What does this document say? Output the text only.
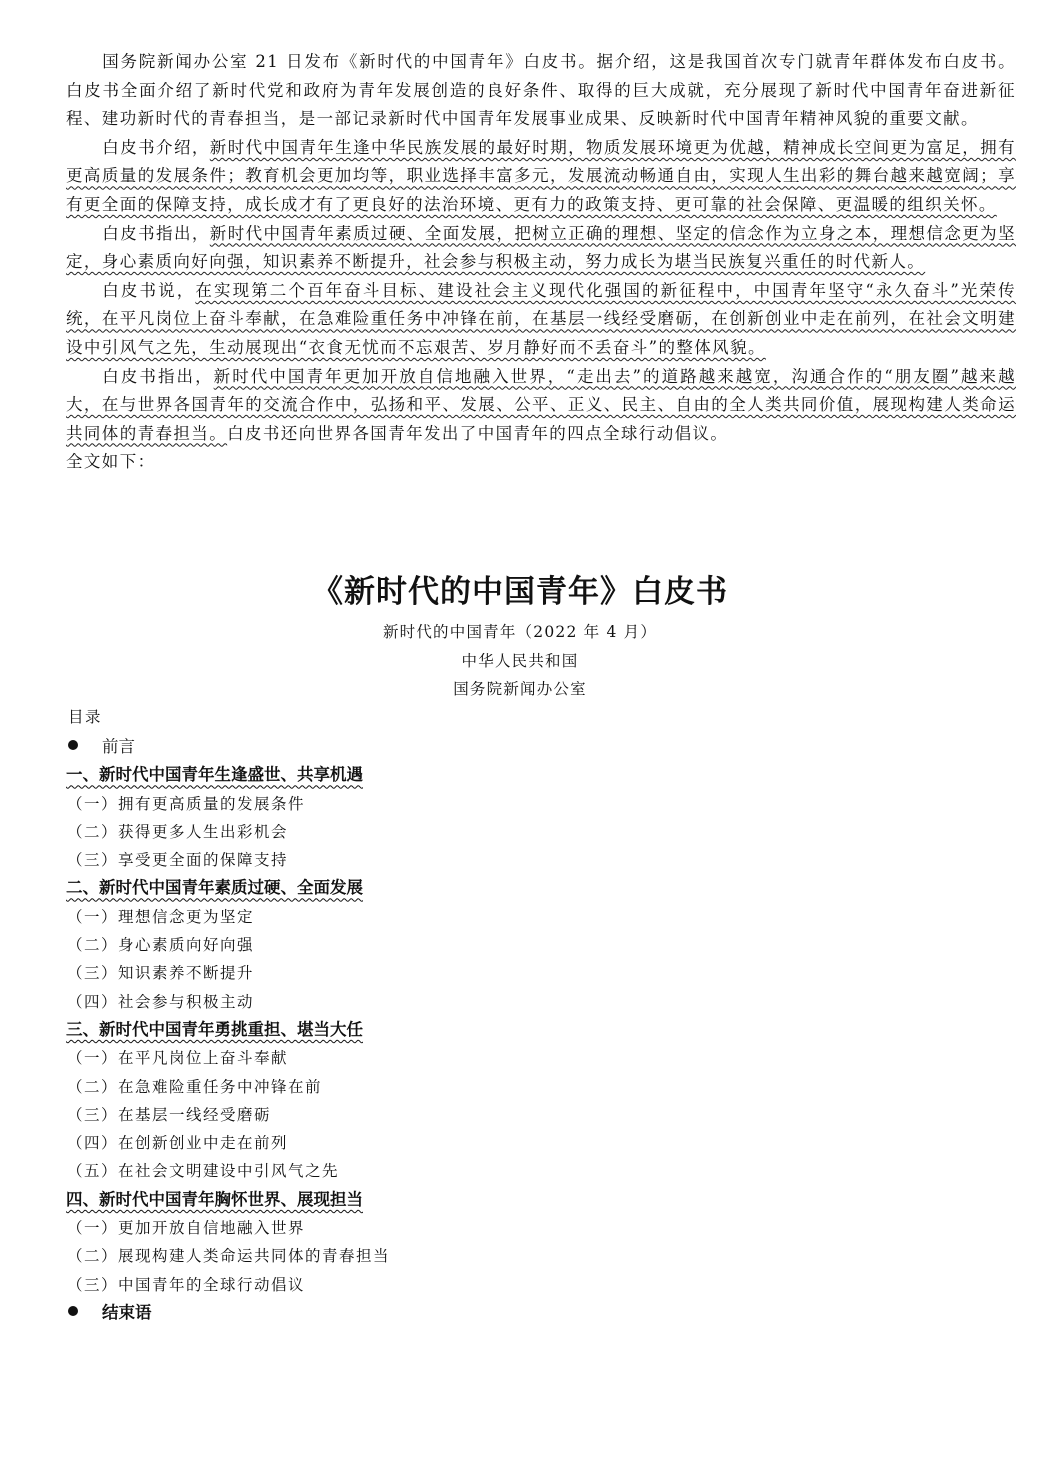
国务院新闻办公室 21 日发布《新时代的中国青年》白皮书。据介绍，这是我国首次专门就青年群体发布白皮书。白皮书全面介绍了新时代党和政府为青年发展创造的良好条件、取得的巨大成就，充分展现了新时代中国青年奋进新征程、建功新时代的青春担当，是一部记录新时代中国青年发展事业成果、反映新时代中国青年精神风貌的重要文献。

白皮书介绍，新时代中国青年生逢中华民族发展的最好时期，物质发展环境更为优越，精神成长空间更为富足，拥有更高质量的发展条件；教育机会更加均等，职业选择丰富多元，发展流动畅通自由，实现人生出彩的舞台越来越宽阔；享有更全面的保障支持，成长成才有了更良好的法治环境、更有力的政策支持、更可靠的社会保障、更温暖的组织关怀。

白皮书指出，新时代中国青年素质过硬、全面发展，把树立正确的理想、坚定的信念作为立身之本，理想信念更为坚定，身心素质向好向强，知识素养不断提升，社会参与积极主动，努力成长为堪当民族复兴重任的时代新人。

白皮书说，在实现第二个百年奋斗目标、建设社会主义现代化强国的新征程中，中国青年坚守“永久奋斗”光荣传统，在平凡岗位上奋斗奉献，在急难险重任务中冲锋在前，在基层一线经受磨砺，在创新创业中走在前列，在社会文明建设中引风气之先，生动展现出“衣食无忧而不忘艰苦、岁月静好而不丢奋斗”的整体风貌。

白皮书指出，新时代中国青年更加开放自信地融入世界，“走出去”的道路越来越宽，沟通合作的“朋友圈”越来越大，在与世界各国青年的交流合作中，弘扬和平、发展、公平、正义、民主、自由的全人类共同价值，展现构建人类命运共同体的青春担当。白皮书还向世界各国青年发出了中国青年的四点全球行动倡议。

全文如下：

《新时代的中国青年》白皮书

新时代的中国青年（2022 年 4 月）

中华人民共和国

国务院新闻办公室

目录

前言
一、新时代中国青年生逢盛世、共享机遇
（一）拥有更高质量的发展条件
（二）获得更多人生出彩机会
（三）享受更全面的保障支持
二、新时代中国青年素质过硬、全面发展
（一）理想信念更为坚定
（二）身心素质向好向强
（三）知识素养不断提升
（四）社会参与积极主动
三、新时代中国青年勇挑重担、堪当大任
（一）在平凡岗位上奋斗奉献
（二）在急难险重任务中冲锋在前
（三）在基层一线经受磨砺
（四）在创新创业中走在前列
（五）在社会文明建设中引风气之先
四、新时代中国青年胸怀世界、展现担当
（一）更加开放自信地融入世界
（二）展现构建人类命运共同体的青春担当
（三）中国青年的全球行动倡议
结束语
